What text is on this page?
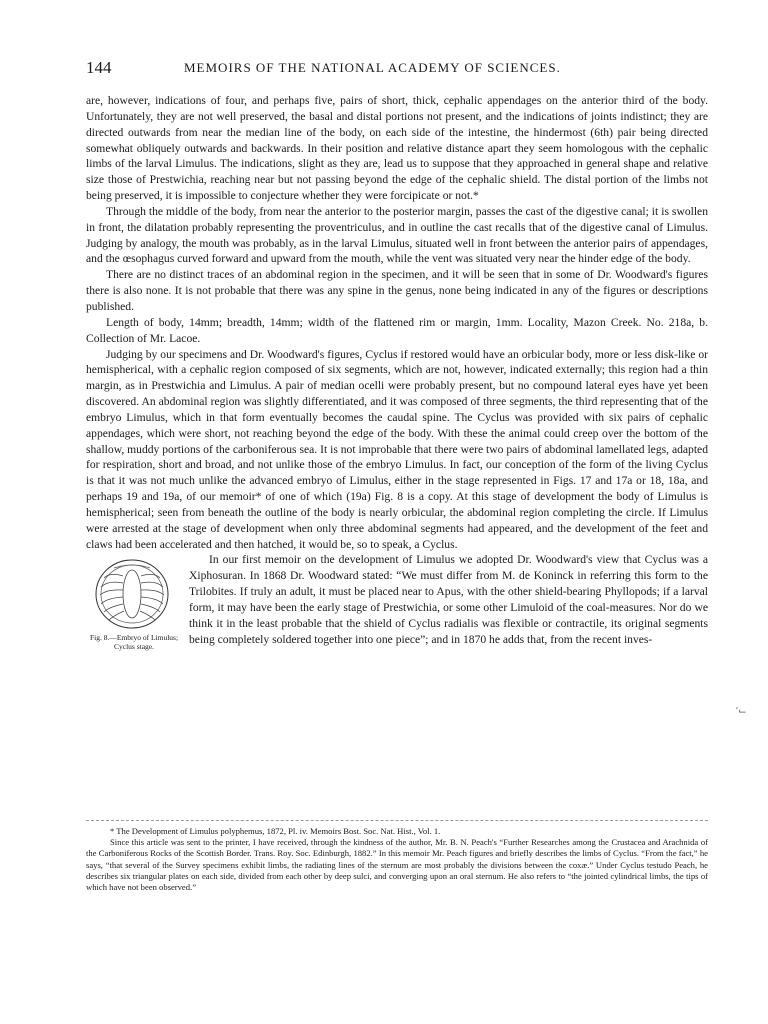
144	MEMOIRS OF THE NATIONAL ACADEMY OF SCIENCES.

are, however, indications of four, and perhaps five, pairs of short, thick, cephalic appendages on the anterior third of the body. Unfortunately, they are not well preserved, the basal and distal portions not present, and the indications of joints indistinct; they are directed outwards from near the median line of the body, on each side of the intestine, the hindermost (6th) pair being directed somewhat obliquely outwards and backwards. In their position and relative distance apart they seem homologous with the cephalic limbs of the larval Limulus. The indications, slight as they are, lead us to suppose that they approached in general shape and relative size those of Prestwichia, reaching near but not passing beyond the edge of the cephalic shield. The distal portion of the limbs not being preserved, it is impossible to conjecture whether they were forcipicate or not.*

Through the middle of the body, from near the anterior to the posterior margin, passes the cast of the digestive canal; it is swollen in front, the dilatation probably representing the proventriculus, and in outline the cast recalls that of the digestive canal of Limulus. Judging by analogy, the mouth was probably, as in the larval Limulus, situated well in front between the anterior pairs of appendages, and the œsophagus curved forward and upward from the mouth, while the vent was situated very near the hinder edge of the body.

There are no distinct traces of an abdominal region in the specimen, and it will be seen that in some of Dr. Woodward's figures there is also none. It is not probable that there was any spine in the genus, none being indicated in any of the figures or descriptions published.

Length of body, 14mm; breadth, 14mm; width of the flattened rim or margin, 1mm. Locality, Mazon Creek. No. 218a, b. Collection of Mr. Lacoe.

Judging by our specimens and Dr. Woodward's figures, Cyclus if restored would have an orbicular body, more or less disk-like or hemispherical, with a cephalic region composed of six segments, which are not, however, indicated externally; this region had a thin margin, as in Prestwichia and Limulus. A pair of median ocelli were probably present, but no compound lateral eyes have yet been discovered. An abdominal region was slightly differentiated, and it was composed of three segments, the third representing that of the embryo Limulus, which in that form eventually becomes the caudal spine. The Cyclus was provided with six pairs of cephalic appendages, which were short, not reaching beyond the edge of the body. With these the animal could creep over the bottom of the shallow, muddy portions of the carboniferous sea. It is not improbable that there were two pairs of abdominal lamellated legs, adapted for respiration, short and broad, and not unlike those of the embryo Limulus. In fact, our conception of the form of the living Cyclus is that it was not much unlike the advanced embryo of Limulus, either in the stage represented in Figs. 17 and 17a or 18, 18a, and perhaps 19 and 19a, of our memoir* of one of which (19a) Fig. 8 is a copy. At this stage of development the body of Limulus is hemispherical; seen from beneath the outline of the body is nearly orbicular, the abdominal region completing the circle. If Limulus were arrested at the stage of development when only three abdominal segments had appeared, and the development of the feet and claws had been accelerated and then hatched, it would be, so to speak, a Cyclus.

Fig. 8.—Embryo of Limulus; Cyclus stage.

In our first memoir on the development of Limulus we adopted Dr. Woodward's view that Cyclus was a Xiphosuran. In 1868 Dr. Woodward stated: “We must differ from M. de Koninck in referring this form to the Trilobites. If truly an adult, it must be placed near to Apus, with the other shield-bearing Phyllopods; if a larval form, it may have been the early stage of Prestwichia, or some other Limuloid of the coal-measures. Nor do we think it in the least probable that the shield of Cyclus radialis was flexible or contractile, its original segments being completely soldered together into one piece”; and in 1870 he adds that, from the recent inves-

* The Development of Limulus polyphemus, 1872, Pl. iv. Memoirs Bost. Soc. Nat. Hist., Vol. 1.

Since this article was sent to the printer, I have received, through the kindness of the author, Mr. B. N. Peach's “Further Researches among the Crustacea and Arachnida of the Carboniferous Rocks of the Scottish Border. Trans. Roy. Soc. Edinburgh, 1882.” In this memoir Mr. Peach figures and briefly describes the limbs of Cyclus. “From the fact,” he says, “that several of the Survey specimens exhibit limbs, the radiating lines of the sternum are most probably the divisions between the coxæ.” Under Cyclus testudo Peach, he describes six triangular plates on each side, divided from each other by deep sulci, and converging upon an oral sternum. He also refers to “the jointed cylindrical limbs, the tips of which have not been observed.”

′⌙
